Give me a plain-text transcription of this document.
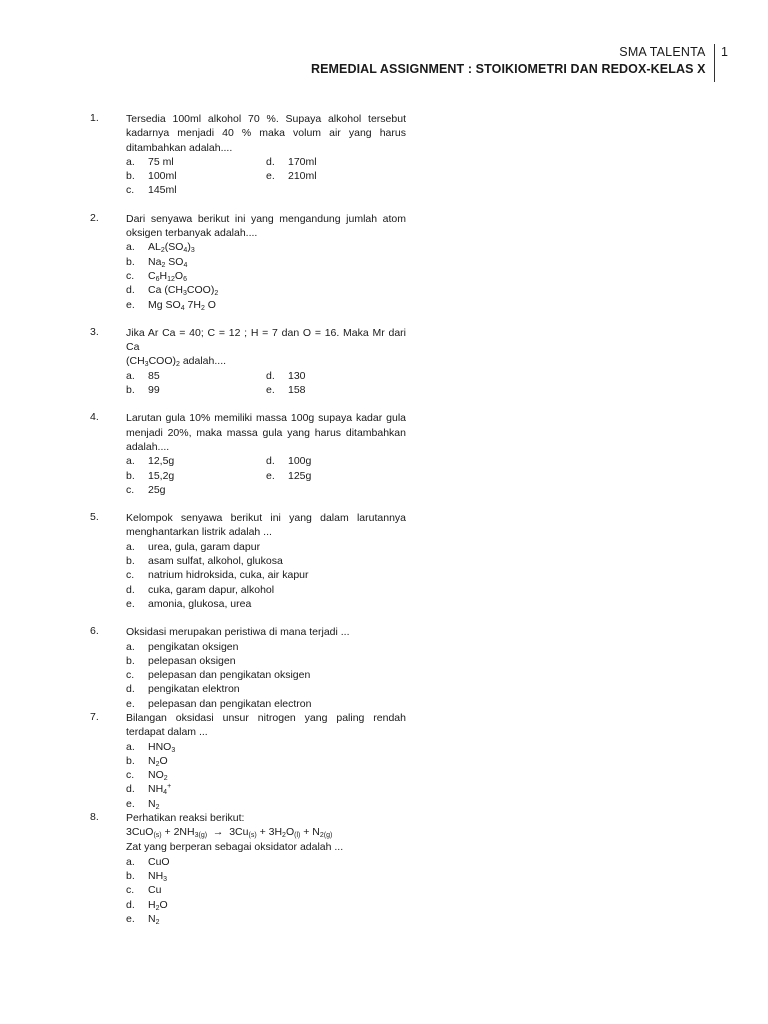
SMA TALENTA
REMEDIAL ASSIGNMENT : STOIKIOMETRI DAN REDOX-KELAS X
1
1.	Tersedia 100ml alkohol 70 %. Supaya alkohol tersebut kadarnya menjadi 40 % maka volum air yang harus ditambahkan adalah....
a.	75 ml
b.	100ml
c.	145ml
d.	170ml
e.	210ml
2.	Dari senyawa berikut ini yang mengandung jumlah atom oksigen terbanyak adalah....
a.	$AL_2(SO_4)_3$
b.	$Na_2$ $SO_4$
c.	$C_6H_{12}O_6$
d.	Ca $(CH_3COO)_2$
e.	Mg $SO_4$ $7H_2$ O
3.	Jika Ar Ca = 40; C = 12 ; H = 7 dan O = 16. Maka Mr dari Ca
$(CH_3COO)_2$ adalah....
a.	85
b.	99
d.	130
e.	158
4.	Larutan gula 10% memiliki massa 100g supaya kadar gula menjadi 20%, maka massa gula yang harus ditambahkan adalah....
a.	12,5g
b.	15,2g
c.	25g
d.	100g
e.	125g
5.	Kelompok senyawa berikut ini yang dalam larutannya menghantarkan listrik adalah ...
a.	urea, gula, garam dapur
b.	asam sulfat, alkohol, glukosa
c.	natrium hidroksida, cuka, air kapur
d.	cuka, garam dapur, alkohol
e.	amonia, glukosa, urea
6.	Oksidasi merupakan peristiwa di mana terjadi ...
a.	pengikatan oksigen
b.	pelepasan oksigen
c.	pelepasan dan pengikatan oksigen
d.	pengikatan elektron
e.	pelepasan dan pengikatan electron
7.	Bilangan oksidasi unsur nitrogen yang paling rendah terdapat dalam ...
a.	$HNO_3$
b.	$N_2O$
c.	$NO_2$
d.	$NH_4^+$
e.	$N_2$
8.	Perhatikan reaksi berikut:
$3CuO_{(s)} + 2NH_{3(g)} \to 3Cu_{(s)} + 3H_2O_{(l)} + N_{2(g)}$
Zat yang berperan sebagai oksidator adalah ...
a.	CuO
b.	$NH_3$
c.	Cu
d.	$H_2O$
e.	$N_2$
